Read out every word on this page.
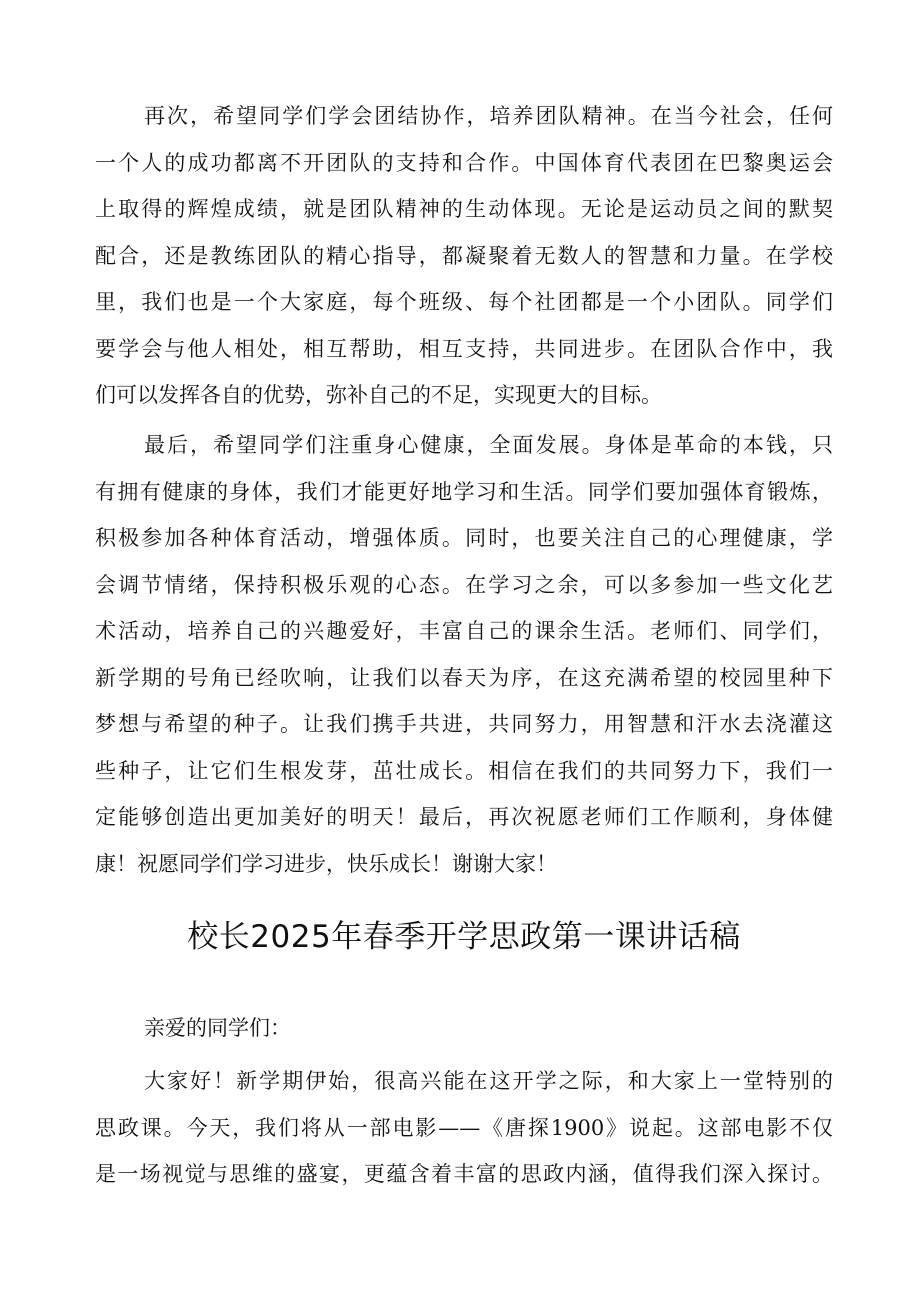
再次，希望同学们学会团结协作，培养团队精神。在当今社会，任何
一个人的成功都离不开团队的支持和合作。中国体育代表团在巴黎奥运会
上取得的辉煌成绩，就是团队精神的生动体现。无论是运动员之间的默契
配合，还是教练团队的精心指导，都凝聚着无数人的智慧和力量。在学校
里，我们也是一个大家庭，每个班级、每个社团都是一个小团队。同学们
要学会与他人相处，相互帮助，相互支持，共同进步。在团队合作中，我
们可以发挥各自的优势，弥补自己的不足，实现更大的目标。
最后，希望同学们注重身心健康，全面发展。身体是革命的本钱，只
有拥有健康的身体，我们才能更好地学习和生活。同学们要加强体育锻炼，
积极参加各种体育活动，增强体质。同时，也要关注自己的心理健康，学
会调节情绪，保持积极乐观的心态。在学习之余，可以多参加一些文化艺
术活动，培养自己的兴趣爱好，丰富自己的课余生活。老师们、同学们，
新学期的号角已经吹响，让我们以春天为序，在这充满希望的校园里种下
梦想与希望的种子。让我们携手共进，共同努力，用智慧和汗水去浇灌这
些种子，让它们生根发芽，茁壮成长。相信在我们的共同努力下，我们一
定能够创造出更加美好的明天！最后，再次祝愿老师们工作顺利，身体健
康！祝愿同学们学习进步，快乐成长！谢谢大家！
校长2025年春季开学思政第一课讲话稿
亲爱的同学们：
大家好！新学期伊始，很高兴能在这开学之际，和大家上一堂特别的
思政课。今天，我们将从一部电影——《唐探1900》说起。这部电影不仅
是一场视觉与思维的盛宴，更蕴含着丰富的思政内涵，值得我们深入探讨。
